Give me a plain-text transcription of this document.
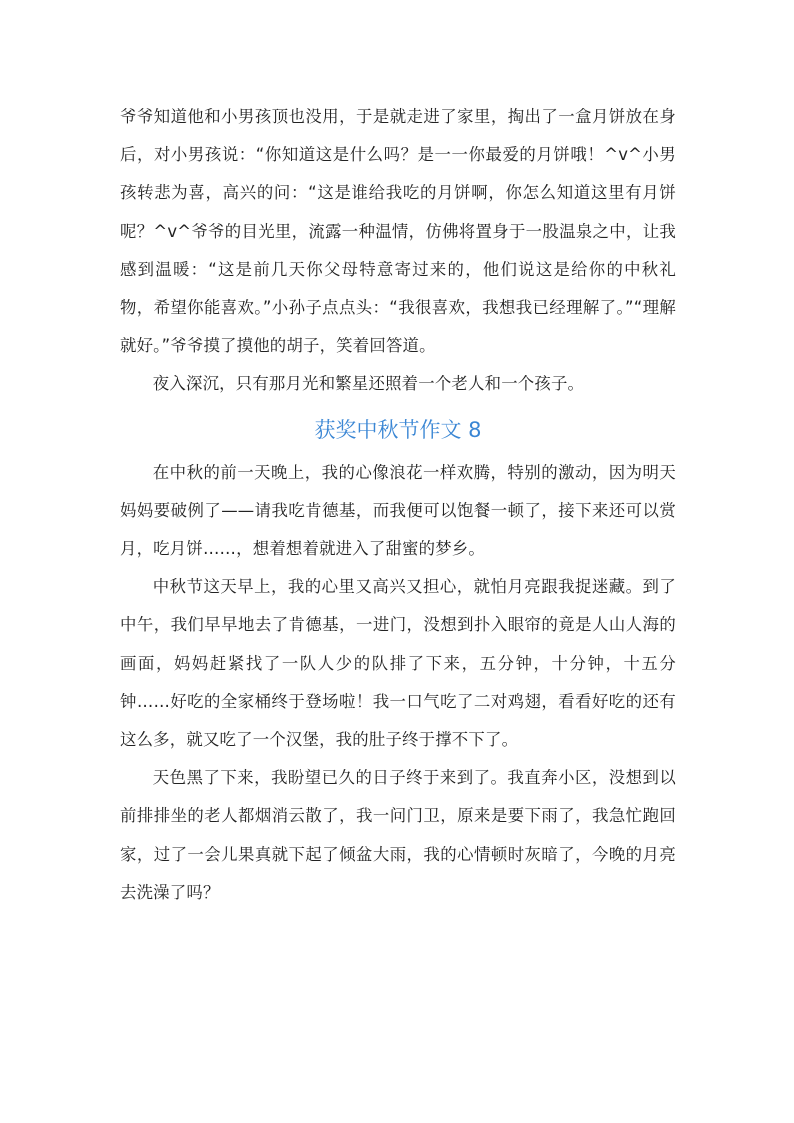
爷爷知道他和小男孩顶也没用，于是就走进了家里，掏出了一盒月饼放在身后，对小男孩说：“你知道这是什么吗？是一一你最爱的月饼哦！^v^小男孩转悲为喜，高兴的问：“这是谁给我吃的月饼啊，你怎么知道这里有月饼呢？^v^爷爷的目光里，流露一种温情，仿佛将置身于一股温泉之中，让我感到温暖：“这是前几天你父母特意寄过来的，他们说这是给你的中秋礼物，希望你能喜欢。”小孙子点点头：“我很喜欢，我想我已经理解了。”“理解就好。”爷爷摸了摸他的胡子，笑着回答道。

夜入深沉，只有那月光和繁星还照着一个老人和一个孩子。

获奖中秋节作文 8

在中秋的前一天晚上，我的心像浪花一样欢腾，特别的激动，因为明天妈妈要破例了——请我吃肯德基，而我便可以饱餐一顿了，接下来还可以赏月，吃月饼……，想着想着就进入了甜蜜的梦乡。

中秋节这天早上，我的心里又高兴又担心，就怕月亮跟我捉迷藏。到了中午，我们早早地去了肯德基，一进门，没想到扑入眼帘的竟是人山人海的画面，妈妈赶紧找了一队人少的队排了下来，五分钟，十分钟，十五分钟……好吃的全家桶终于登场啦！我一口气吃了二对鸡翅，看看好吃的还有这么多，就又吃了一个汉堡，我的肚子终于撑不下了。

天色黑了下来，我盼望已久的日子终于来到了。我直奔小区，没想到以前排排坐的老人都烟消云散了，我一问门卫，原来是要下雨了，我急忙跑回家，过了一会儿果真就下起了倾盆大雨，我的心情顿时灰暗了，今晚的月亮去洗澡了吗？
